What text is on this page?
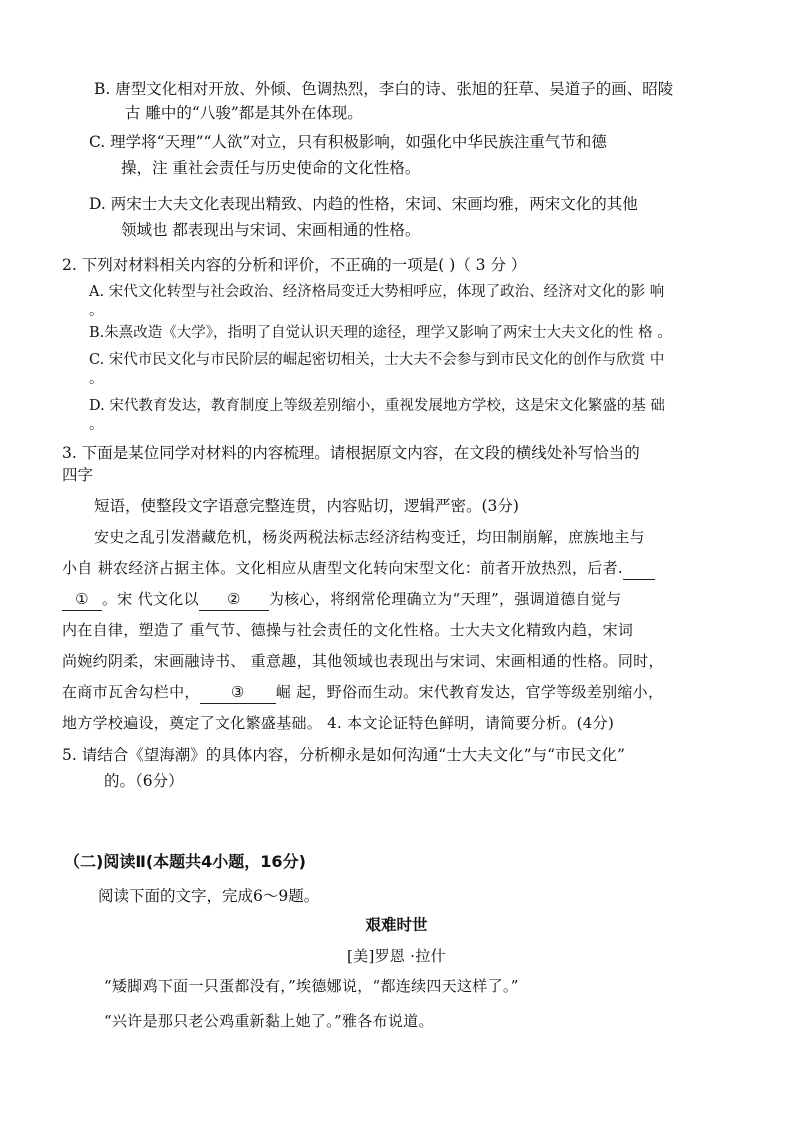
B. 唐型文化相对开放、外倾、色调热烈，李白的诗、张旭的狂草、吴道子的画、昭陵
古 雕中的“八骏”都是其外在体现。
C. 理学将“天理”“人欲”对立，只有积极影响，如强化中华民族注重气节和德
操，注 重社会责任与历史使命的文化性格。
D. 两宋士大夫文化表现出精致、内趋的性格，宋词、宋画均雅，两宋文化的其他
领域也 都表现出与宋词、宋画相通的性格。
2. 下列对材料相关内容的分析和评价，不正确的一项是( )（ 3 分 ）
A. 宋代文化转型与社会政治、经济格局变迁大势相呼应，体现了政治、经济对文化的影 响
。
B.朱熹改造《大学》，指明了自觉认识天理的途径，理学又影响了两宋士大夫文化的性 格 。
C. 宋代市民文化与市民阶层的崛起密切相关，士大夫不会参与到市民文化的创作与欣赏 中
。
D. 宋代教育发达，教育制度上等级差别缩小，重视发展地方学校，这是宋文化繁盛的基 础
。
3. 下面是某位同学对材料的内容梳理。请根据原文内容，在文段的横线处补写恰当的
四字
短语，使整段文字语意完整连贯，内容贴切，逻辑严密。(3分)
安史之乱引发潜藏危机，杨炎两税法标志经济结构变迁，均田制崩解，庶族地主与
小自 耕农经济占据主体。文化相应从唐型文化转向宋型文化：前者开放热烈，后者.
① 。宋 代文化以 ② 为核心，将纲常伦理确立为“天理”，强调道德自觉与
内在自律，塑造了 重气节、德操与社会责任的文化性格。士大夫文化精致内趋，宋词
尚婉约阴柔，宋画融诗书、 重意趣，其他领域也表现出与宋词、宋画相通的性格。同时，
在商市瓦舍勾栏中， ③ 崛 起，野俗而生动。宋代教育发达，官学等级差别缩小，
地方学校遍设，奠定了文化繁盛基础。 4. 本文论证特色鲜明，请简要分析。(4分)
5. 请结合《望海潮》的具体内容，分析柳永是如何沟通“士大夫文化”与“市民文化”
的。（6分）
（二)阅读Ⅱ(本题共4小题，16分)
阅读下面的文字，完成6～9题。
艰难时世
[美]罗恩 ·拉什
“矮脚鸡下面一只蛋都没有，”埃德娜说，“都连续四天这样了。”
“兴许是那只老公鸡重新黏上她了。”雅各布说道。
